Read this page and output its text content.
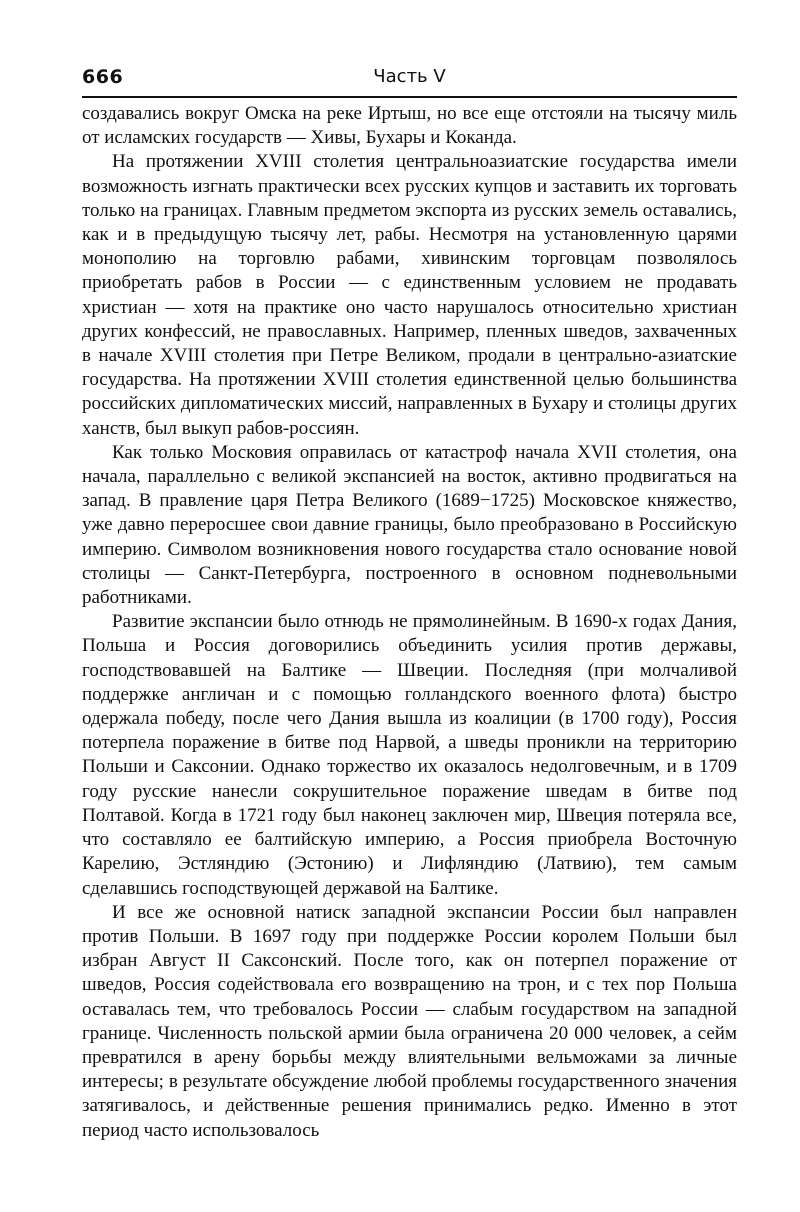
666	Часть V

создавались вокруг Омска на реке Иртыш, но все еще отстояли на тысячу миль от исламских государств — Хивы, Бухары и Коканда.

На протяжении XVIII столетия центральноазиатские государства имели возможность изгнать практически всех русских купцов и заставить их торговать только на границах. Главным предметом экспорта из русских земель оставались, как и в предыдущую тысячу лет, рабы. Несмотря на установленную царями монополию на торговлю рабами, хивинским торговцам позволялось приобретать рабов в России — с единственным условием не продавать христиан — хотя на практике оно часто нарушалось относительно христиан других конфессий, не православных. Например, пленных шведов, захваченных в начале XVIII столетия при Петре Великом, продали в центрально-азиатские государства. На протяжении XVIII столетия единственной целью большинства российских дипломатических миссий, направленных в Бухару и столицы других ханств, был выкуп рабов-россиян.

Как только Московия оправилась от катастроф начала XVII столетия, она начала, параллельно с великой экспансией на восток, активно продвигаться на запад. В правление царя Петра Великого (1689−1725) Московское княжество, уже давно переросшее свои давние границы, было преобразовано в Российскую империю. Символом возникновения нового государства стало основание новой столицы — Санкт-Петербурга, построенного в основном подневольными работниками.

Развитие экспансии было отнюдь не прямолинейным. В 1690-х годах Дания, Польша и Россия договорились объединить усилия против державы, господствовавшей на Балтике — Швеции. Последняя (при молчаливой поддержке англичан и с помощью голландского военного флота) быстро одержала победу, после чего Дания вышла из коалиции (в 1700 году), Россия потерпела поражение в битве под Нарвой, а шведы проникли на территорию Польши и Саксонии. Однако торжество их оказалось недолговечным, и в 1709 году русские нанесли сокрушительное поражение шведам в битве под Полтавой. Когда в 1721 году был наконец заключен мир, Швеция потеряла все, что составляло ее балтийскую империю, а Россия приобрела Восточную Карелию, Эстляндию (Эстонию) и Лифляндию (Латвию), тем самым сделавшись господствующей державой на Балтике.

И все же основной натиск западной экспансии России был направлен против Польши. В 1697 году при поддержке России королем Польши был избран Август II Саксонский. После того, как он потерпел поражение от шведов, Россия содействовала его возвращению на трон, и с тех пор Польша оставалась тем, что требовалось России — слабым государством на западной границе. Численность польской армии была ограничена 20 000 человек, а сейм превратился в арену борьбы между влиятельными вельможами за личные интересы; в результате обсуждение любой проблемы государственного значения затягивалось, и действенные решения принимались редко. Именно в этот период часто использовалось
